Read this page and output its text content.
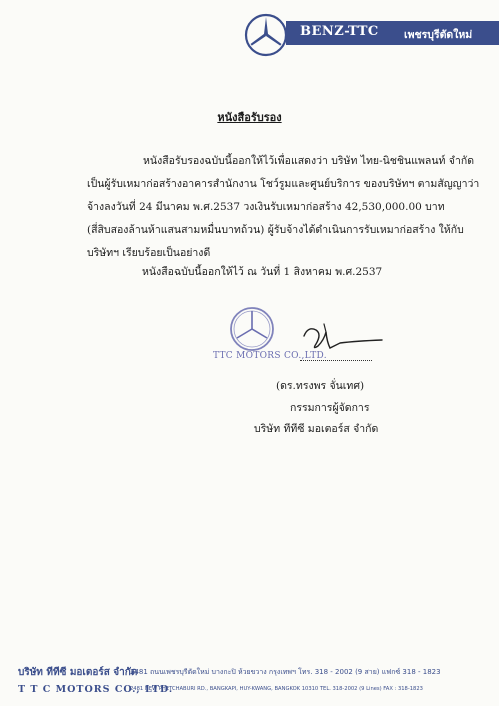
BENZ-TTC เพชรบุรีตัดใหม่
หนังสือรับรอง
หนังสือรับรองฉบับนี้ออกให้ไว้เพื่อแสดงว่า บริษัท ไทย-นิชชินแพลนท์ จำกัด
เป็นผู้รับเหมาก่อสร้างอาคารสำนักงาน โชว์รูมและศูนย์บริการ ของบริษัทฯ ตามสัญญาว่า
จ้างลงวันที่ 24 มีนาคม พ.ศ.2537 วงเงินรับเหมาก่อสร้าง 42,530,000.00 บาท
(สี่สิบสองล้านห้าแสนสามหมื่นบาทถ้วน) ผู้รับจ้างได้ดำเนินการรับเหมาก่อสร้าง ให้กับ
บริษัทฯ เรียบร้อยเป็นอย่างดี
หนังสือฉบับนี้ออกให้ไว้ ณ วันที่ 1 สิงหาคม พ.ศ.2537
TTC MOTORS CO.,LTD.
(ดร.ทรงพร จั่นเทศ)
กรรมการผู้จัดการ
บริษัท ทีทีซี มอเตอร์ส จำกัด
บริษัท ทีทีซี มอเตอร์ส จำกัด
2481 ถนนเพชรบุรีตัดใหม่ บางกะปิ ห้วยขวาง กรุงเทพฯ โทร. 318 - 2002 (9 สาย) แฟกซ์ 318 - 1823
T T C MOTORS CO., LTD.
2481 NEW PHETCHABURI RD., BANGKAPI, HUY-KWANG, BANGKOK 10310 TEL. 318-2002 (9 Lines) FAX : 318-1823
